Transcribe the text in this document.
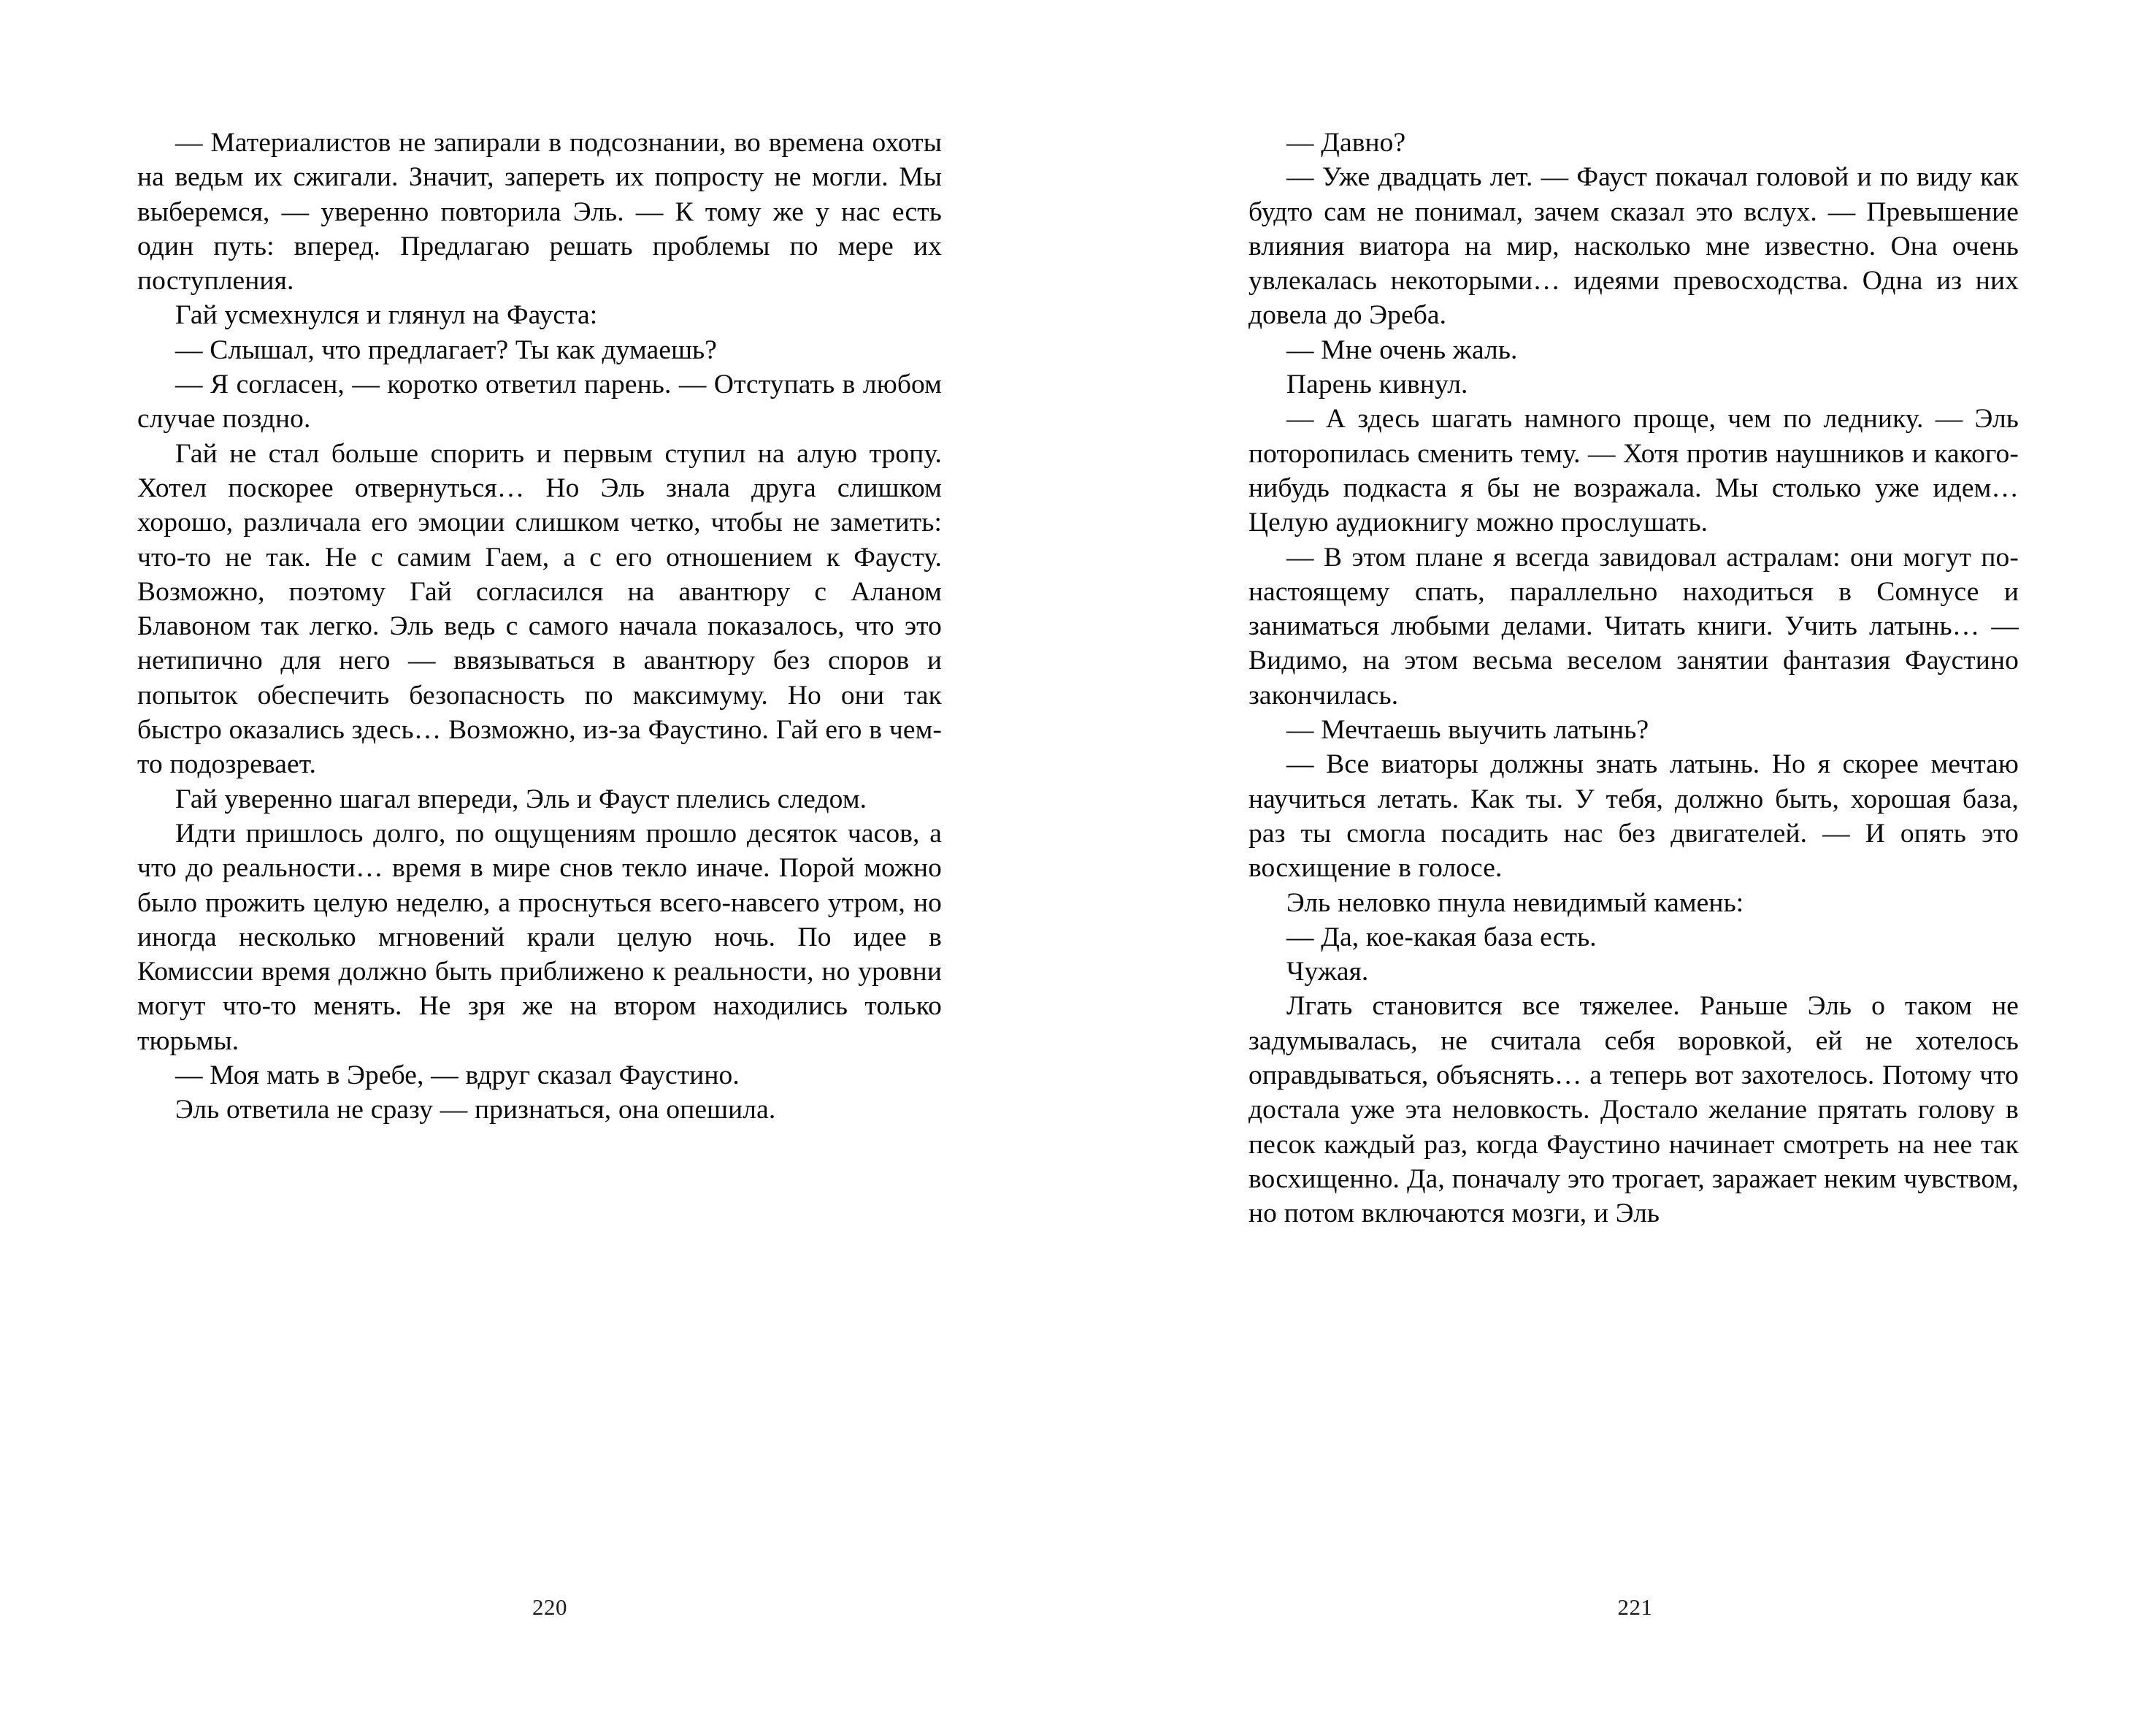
— Материалистов не запирали в подсознании, во времена охоты на ведьм их сжигали. Значит, запереть их попросту не могли. Мы выберемся, — уверенно повторила Эль. — К тому же у нас есть один путь: вперед. Предлагаю решать проблемы по мере их поступления.

Гай усмехнулся и глянул на Фауста:

— Слышал, что предлагает? Ты как думаешь?

— Я согласен, — коротко ответил парень. — Отступать в любом случае поздно.

Гай не стал больше спорить и первым ступил на алую тропу. Хотел поскорее отвернуться… Но Эль знала друга слишком хорошо, различала его эмоции слишком четко, чтобы не заметить: что-то не так. Не с самим Гаем, а с его отношением к Фаусту. Возможно, поэтому Гай согласился на авантюру с Аланом Блавоном так легко. Эль ведь с самого начала показалось, что это нетипично для него — ввязываться в авантюру без споров и попыток обеспечить безопасность по максимуму. Но они так быстро оказались здесь… Возможно, из-за Фаустино. Гай его в чем-то подозревает.

Гай уверенно шагал впереди, Эль и Фауст плелись следом.

Идти пришлось долго, по ощущениям прошло десяток часов, а что до реальности… время в мире снов текло иначе. Порой можно было прожить целую неделю, а проснуться всего-навсего утром, но иногда несколько мгновений крали целую ночь. По идее в Комиссии время должно быть приближено к реальности, но уровни могут что-то менять. Не зря же на втором находились только тюрьмы.

— Моя мать в Эребе, — вдруг сказал Фаустино.

Эль ответила не сразу — признаться, она опешила.

— Давно?

— Уже двадцать лет. — Фауст покачал головой и по виду как будто сам не понимал, зачем сказал это вслух. — Превышение влияния виатора на мир, насколько мне известно. Она очень увлекалась некоторыми… идеями превосходства. Одна из них довела до Эреба.

— Мне очень жаль.

Парень кивнул.

— А здесь шагать намного проще, чем по леднику. — Эль поторопилась сменить тему. — Хотя против наушников и какого-нибудь подкаста я бы не возражала. Мы столько уже идем… Целую аудиокнигу можно прослушать.

— В этом плане я всегда завидовал астралам: они могут по-настоящему спать, параллельно находиться в Сомнусе и заниматься любыми делами. Читать книги. Учить латынь… — Видимо, на этом весьма веселом занятии фантазия Фаустино закончилась.

— Мечтаешь выучить латынь?

— Все виаторы должны знать латынь. Но я скорее мечтаю научиться летать. Как ты. У тебя, должно быть, хорошая база, раз ты смогла посадить нас без двигателей. — И опять это восхищение в голосе.

Эль неловко пнула невидимый камень:

— Да, кое-какая база есть.

Чужая.

Лгать становится все тяжелее. Раньше Эль о таком не задумывалась, не считала себя воровкой, ей не хотелось оправдываться, объяснять… а теперь вот захотелось. Потому что достала уже эта неловкость. Достало желание прятать голову в песок каждый раз, когда Фаустино начинает смотреть на нее так восхищенно. Да, поначалу это трогает, заражает неким чувством, но потом включаются мозги, и Эль

220	221
